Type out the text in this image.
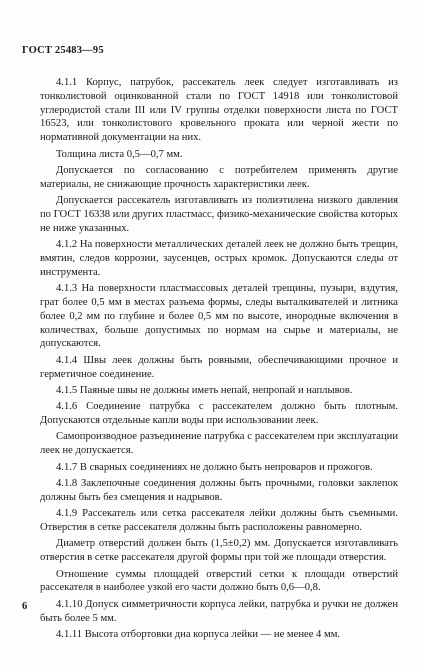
ГОСТ 25483—95

4.1.1 Корпус, патрубок, рассекатель леек следует изготавливать из тонколистовой оцинкованной стали по ГОСТ 14918 или тонколистовой углеродистой стали III или IV группы отделки поверхности листа по ГОСТ 16523, или тонколистового кровельного проката или черной жести по нормативной документации на них.

Толщина листа 0,5—0,7 мм.

Допускается по согласованию с потребителем применять другие материалы, не снижающие прочность характеристики леек.

Допускается рассекатель изготавливать из полиэтилена низкого давления по ГОСТ 16338 или других пластмасс, физико-механические свойства которых не ниже указанных.

4.1.2 На поверхности металлических деталей леек не должно быть трещин, вмятин, следов коррозии, заусенцев, острых кромок. Допускаются следы от инструмента.

4.1.3 На поверхности пластмассовых деталей трещины, пузыри, вздутия, грат более 0,5 мм в местах разъема формы, следы выталкивателей и литника более 0,2 мм по глубине и более 0,5 мм по высоте, инородные включения в количествах, больше допустимых по нормам на сырье и материалы, не допускаются.

4.1.4 Швы леек должны быть ровными, обеспечивающими прочное и герметичное соединение.

4.1.5 Паяные швы не должны иметь непай, непропай и наплывов.

4.1.6 Соединение патрубка с рассекателем должно быть плотным. Допускаются отдельные капли воды при использовании леек.

Самопроизводное разъединение патрубка с рассекателем при эксплуатации леек не допускается.

4.1.7 В сварных соединениях не должно быть непроваров и прожогов.

4.1.8 Заклепочные соединения должны быть прочными, головки заклепок должны быть без смещения и надрывов.

4.1.9 Рассекатель или сетка рассекателя лейки должны быть съемными. Отверстия в сетке рассекателя должны быть расположены равномерно.

Диаметр отверстий должен быть (1,5±0,2) мм. Допускается изготавливать отверстия в сетке рассекателя другой формы при той же площади отверстия.

Отношение суммы площадей отверстий сетки к площади отверстий рассекателя в наиболее узкой его части должно быть 0,6—0,8.

4.1.10 Допуск симметричности корпуса лейки, патрубка и ручки не должен быть более 5 мм.

4.1.11 Высота отбортовки дна корпуса лейки — не менее 4 мм.

6
